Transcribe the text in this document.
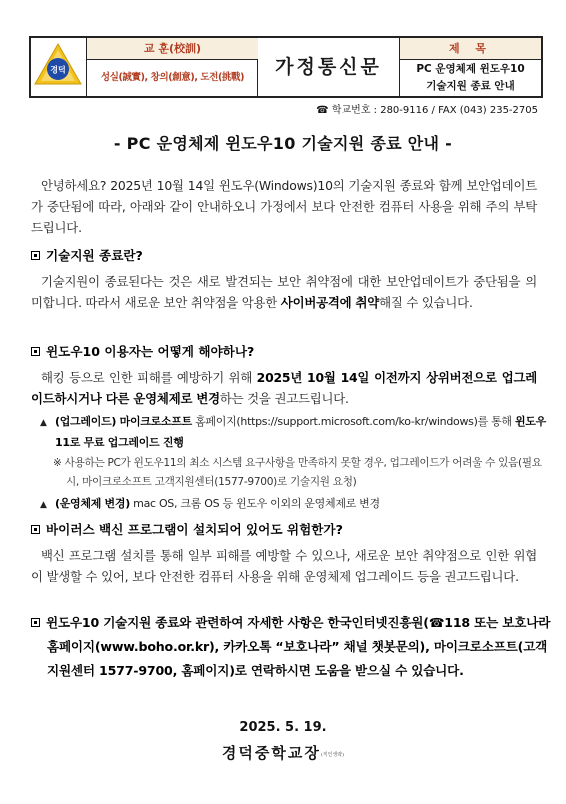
경덕
교 훈(校訓)
성실(誠實), 창의(創意), 도전(挑戰)	가정통신문
제 목
PC 운영체제 윈도우10
기술지원 종료 안내
☎ 학교번호 : 280-9116 / FAX (043) 235-2705
- PC 운영체제 윈도우10 기술지원 종료 안내 -
안녕하세요? 2025년 10월 14일 윈도우(Windows)10의 기술지원 종료와 함께 보안업데이트가 중단됨에 따라, 아래와 같이 안내하오니 가정에서 보다 안전한 컴퓨터 사용을 위해 주의 부탁드립니다.
기술지원 종료란?
기술지원이 종료된다는 것은 새로 발견되는 보안 취약점에 대한 보안업데이트가 중단됨을 의미합니다. 따라서 새로운 보안 취약점을 악용한 사이버공격에 취약해질 수 있습니다.
윈도우10 이용자는 어떻게 해야하나?
해킹 등으로 인한 피해를 예방하기 위해 2025년 10월 14일 이전까지 상위버전으로 업그레이드하시거나 다른 운영체제로 변경하는 것을 권고드립니다.
▲ (업그레이드) 마이크로소프트 홈페이지(https://support.microsoft.com/ko-kr/windows)를 통해 윈도우11로 무료 업그레이드 진행
※ 사용하는 PC가 윈도우11의 최소 시스템 요구사항을 만족하지 못할 경우, 업그레이드가 어려울 수 있음(필요 시, 마이크로소프트 고객지원센터(1577-9700)로 기술지원 요청)
▲ (운영체제 변경) mac OS, 크롬 OS 등 윈도우 이외의 운영체제로 변경
바이러스 백신 프로그램이 설치되어 있어도 위험한가?
백신 프로그램 설치를 통해 일부 피해를 예방할 수 있으나, 새로운 보안 취약점으로 인한 위협이 발생할 수 있어, 보다 안전한 컴퓨터 사용을 위해 운영체제 업그레이드 등을 권고드립니다.
윈도우10 기술지원 종료와 관련하여 자세한 사항은 한국인터넷진흥원(☎118 또는 보호나라 홈페이지(www.boho.or.kr), 카카오톡 “보호나라” 채널 챗봇문의), 마이크로소프트(고객지원센터 1577-9700, 홈페이지)로 연락하시면 도움을 받으실 수 있습니다.
2025. 5. 19.
경덕중학교장(직인생략)
